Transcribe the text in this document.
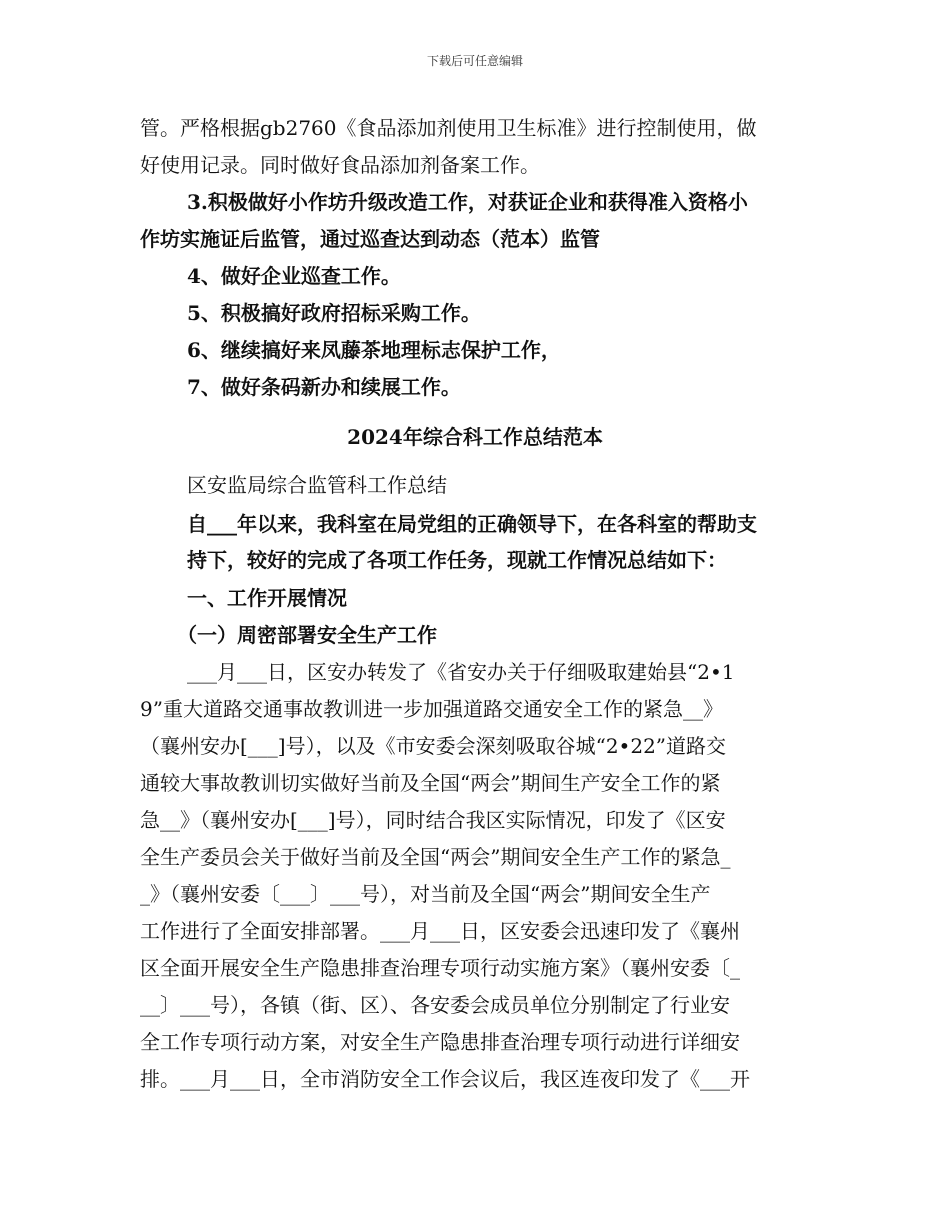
下载后可任意编辑
管。严格根据gb2760《食品添加剂使用卫生标准》进行控制使用，做
好使用记录。同时做好食品添加剂备案工作。
3.积极做好小作坊升级改造工作，对获证企业和获得准入资格小
作坊实施证后监管，通过巡查达到动态（范本）监管
4、做好企业巡查工作。
5、积极搞好政府招标采购工作。
6、继续搞好来凤藤茶地理标志保护工作，
7、做好条码新办和续展工作。
2024年综合科工作总结范本
区安监局综合监管科工作总结
自___年以来，我科室在局党组的正确领导下，在各科室的帮助支
持下，较好的完成了各项工作任务，现就工作情况总结如下：
一、工作开展情况
（一）周密部署安全生产工作
___月___日，区安办转发了《省安办关于仔细吸取建始县“2•1
9”重大道路交通事故教训进一步加强道路交通安全工作的紧急__》
（襄州安办[___]号），以及《市安委会深刻吸取谷城“2•22”道路交
通较大事故教训切实做好当前及全国“两会”期间生产安全工作的紧
急__》（襄州安办[___]号），同时结合我区实际情况，印发了《区安
全生产委员会关于做好当前及全国“两会”期间安全生产工作的紧急_
_》（襄州安委〔___〕___号），对当前及全国“两会”期间安全生产
工作进行了全面安排部署。___月___日，区安委会迅速印发了《襄州
区全面开展安全生产隐患排查治理专项行动实施方案》（襄州安委〔_
__〕___号），各镇（街、区）、各安委会成员单位分别制定了行业安
全工作专项行动方案，对安全生产隐患排查治理专项行动进行详细安
排。___月___日，全市消防安全工作会议后，我区连夜印发了《___开
